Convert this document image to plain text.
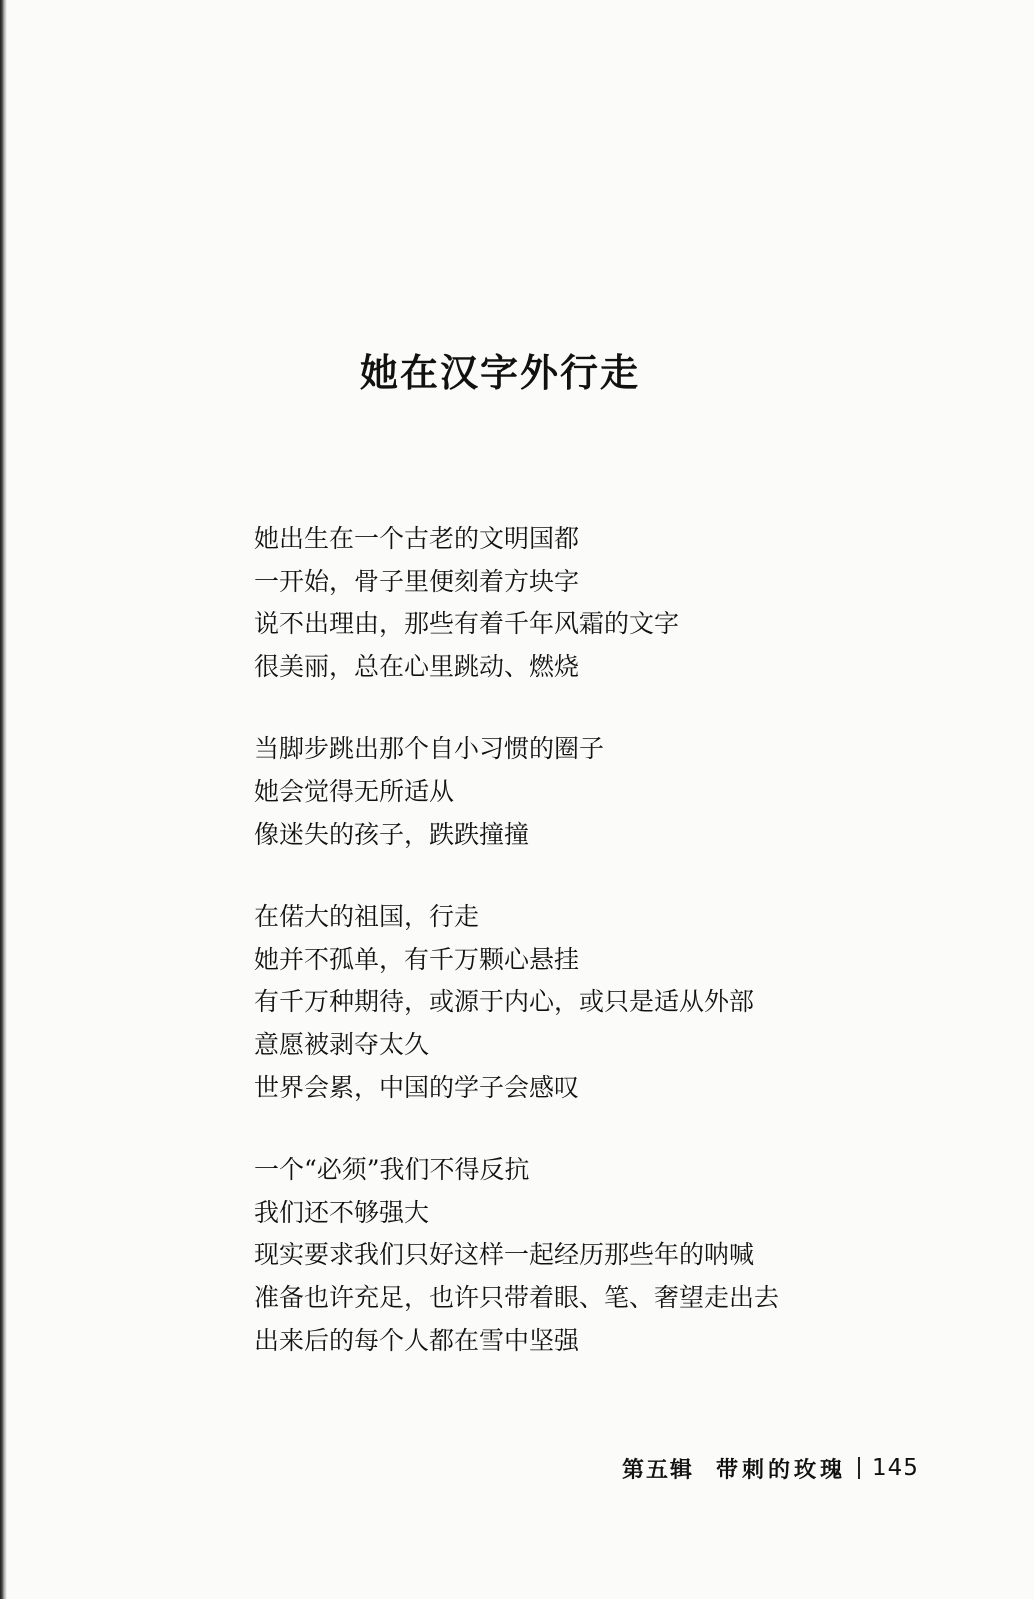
她在汉字外行走
她出生在一个古老的文明国都
一开始，骨子里便刻着方块字
说不出理由，那些有着千年风霜的文字
很美丽，总在心里跳动、燃烧
当脚步跳出那个自小习惯的圈子
她会觉得无所适从
像迷失的孩子，跌跌撞撞
在偌大的祖国，行走
她并不孤单，有千万颗心悬挂
有千万种期待，或源于内心，或只是适从外部
意愿被剥夺太久
世界会累，中国的学子会感叹
一个“必须”我们不得反抗
我们还不够强大
现实要求我们只好这样一起经历那些年的呐喊
准备也许充足，也许只带着眼、笔、奢望走出去
出来后的每个人都在雪中坚强
第五辑 带刺的玫瑰 145
